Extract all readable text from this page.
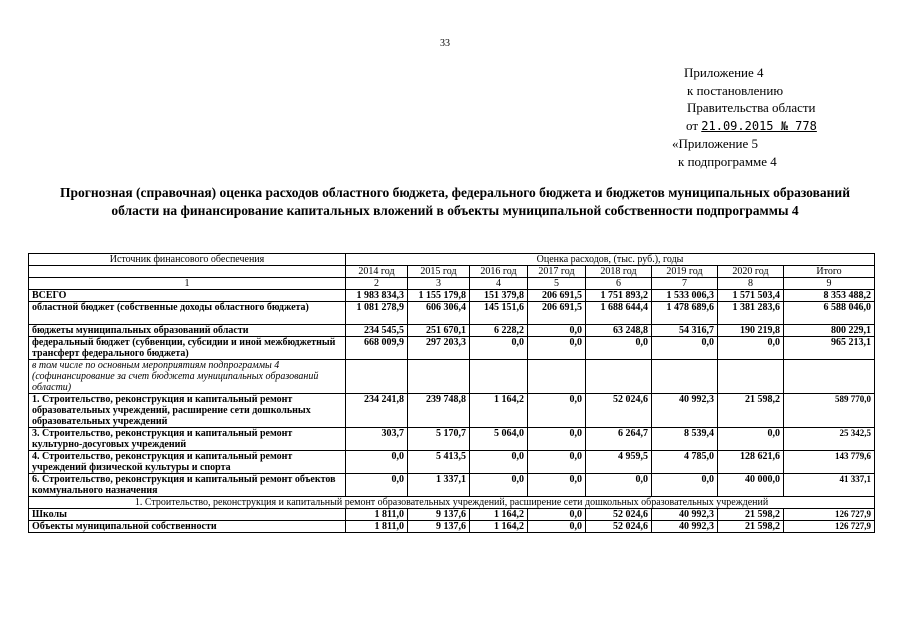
33
Приложение 4
к постановлению
Правительства области
от 21.09.2015 № 778
«Приложение 5
к подпрограмме 4
Прогнозная (справочная) оценка расходов областного бюджета, федерального бюджета и бюджетов муниципальных образований области на финансирование капитальных вложений в объекты муниципальной собственности подпрограммы 4
Источник финансового обеспечения	Оценка расходов, (тыс. руб.), годы							
	2014 год	2015 год	2016 год	2017 год	2018 год	2019 год	2020 год	Итого
1	2	3	4	5	6	7	8	9
ВСЕГО	1 983 834,3	1 155 179,8	151 379,8	206 691,5	1 751 893,2	1 533 006,3	1 571 503,4	8 353 488,2
областной бюджет (собственные доходы областного бюджета)	1 081 278,9	606 306,4	145 151,6	206 691,5	1 688 644,4	1 478 689,6	1 381 283,6	6 588 046,0
бюджеты муниципальных образований области	234 545,5	251 670,1	6 228,2	0,0	63 248,8	54 316,7	190 219,8	800 229,1
федеральный бюджет (субвенции, субсидии и иной межбюджетный трансферт федерального бюджета)	668 009,9	297 203,3	0,0	0,0	0,0	0,0	0,0	965 213,1
в том числе по основным мероприятиям подпрограммы 4 (софинансирование за счет бюджета муниципальных образований области)								
1. Строительство, реконструкция и капитальный ремонт образовательных учреждений, расширение сети дошкольных образовательных учреждений	234 241,8	239 748,8	1 164,2	0,0	52 024,6	40 992,3	21 598,2	589 770,0
3. Строительство, реконструкция и капитальный ремонт культурно-досуговых учреждений	303,7	5 170,7	5 064,0	0,0	6 264,7	8 539,4	0,0	25 342,5
4. Строительство, реконструкция и капитальный ремонт учреждений физической культуры и спорта	0,0	5 413,5	0,0	0,0	4 959,5	4 785,0	128 621,6	143 779,6
6. Строительство, реконструкция и капитальный ремонт объектов коммунального назначения	0,0	1 337,1	0,0	0,0	0,0	0,0	40 000,0	41 337,1
1. Строительство, реконструкция и капитальный ремонт образовательных учреждений, расширение сети дошкольных образовательных учреждений								
Школы	1 811,0	9 137,6	1 164,2	0,0	52 024,6	40 992,3	21 598,2	126 727,9
Объекты муниципальной собственности	1 811,0	9 137,6	1 164,2	0,0	52 024,6	40 992,3	21 598,2	126 727,9
